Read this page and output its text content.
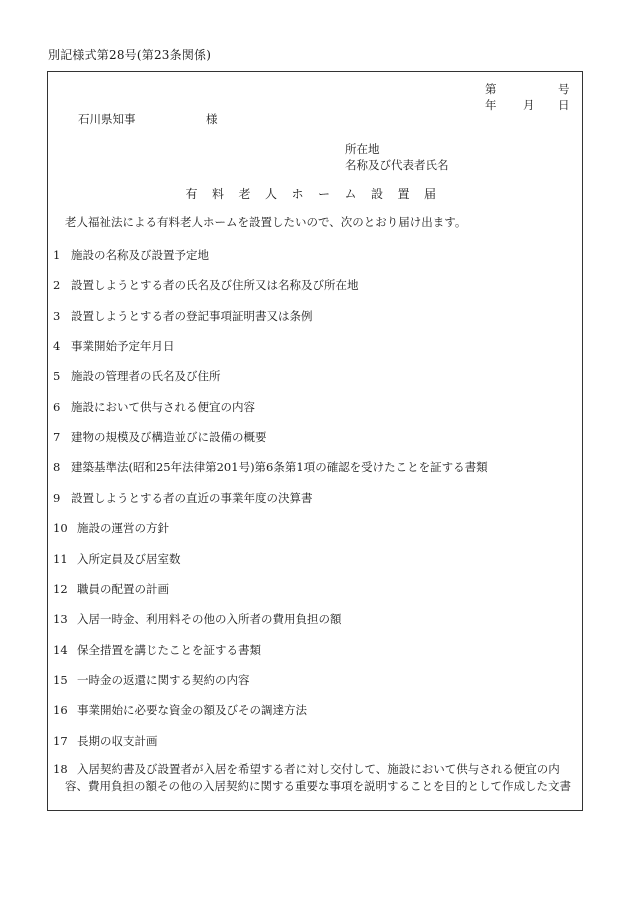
別記様式第28号(第23条関係)
第	号
年 月 日
石川県知事	様
所在地
名称及び代表者氏名
有料老人ホーム設置届
老人福祉法による有料老人ホームを設置したいので、次のとおり届け出ます。
1 施設の名称及び設置予定地
2 設置しようとする者の氏名及び住所又は名称及び所在地
3 設置しようとする者の登記事項証明書又は条例
4 事業開始予定年月日
5 施設の管理者の氏名及び住所
6 施設において供与される便宜の内容
7 建物の規模及び構造並びに設備の概要
8 建築基準法(昭和25年法律第201号)第6条第1項の確認を受けたことを証する書類
9 設置しようとする者の直近の事業年度の決算書
10 施設の運営の方針
11 入所定員及び居室数
12 職員の配置の計画
13 入居一時金、利用料その他の入所者の費用負担の額
14 保全措置を講じたことを証する書類
15 一時金の返還に関する契約の内容
16 事業開始に必要な資金の額及びその調達方法
17 長期の収支計画
18 入居契約書及び設置者が入居を希望する者に対し交付して、施設において供与される便宜の内
容、費用負担の額その他の入居契約に関する重要な事項を説明することを目的として作成した文書
